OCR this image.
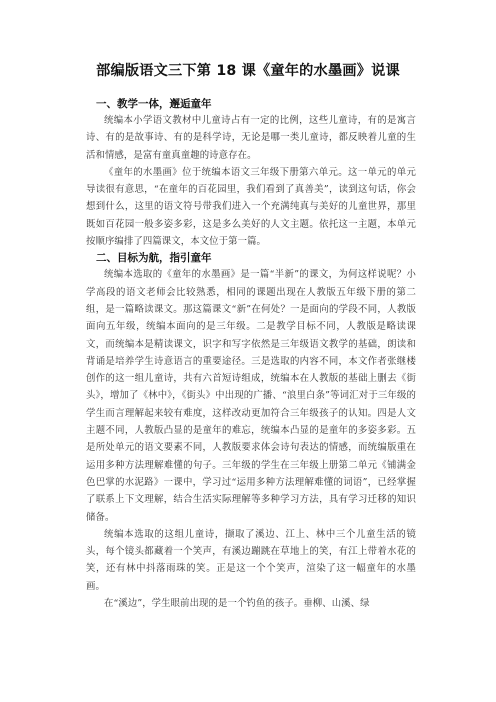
部编版语文三下第 18 课《童年的水墨画》说课

一、教学一体，邂逅童年

统编本小学语文教材中儿童诗占有一定的比例，这些儿童诗，有的是寓言诗、有的是故事诗、有的是科学诗，无论是哪一类儿童诗，都反映着儿童的生活和情感，是富有童真童趣的诗意存在。

《童年的水墨画》位于统编本语文三年级下册第六单元。这一单元的单元导读很有意思，“在童年的百花园里，我们看到了真善美”，读到这句话，你会想到什么，这里的语文符号带我们进入一个充满纯真与美好的儿童世界，那里既如百花园一般多姿多彩，这是多么美好的人文主题。依托这一主题，本单元按顺序编排了四篇课文，本文位于第一篇。

二、目标为航，指引童年

统编本选取的《童年的水墨画》是一篇“半新”的课文，为何这样说呢？小学高段的语文老师会比较熟悉，相同的课题出现在人教版五年级下册的第二组，是一篇略读课文。那这篇课文“新”在何处？一是面向的学段不同，人教版面向五年级，统编本面向的是三年级。二是教学目标不同，人教版是略读课文，而统编本是精读课文，识字和写字依然是三年级语文教学的基础，朗读和背诵是培养学生诗意语言的重要途径。三是选取的内容不同，本文作者张继楼创作的这一组儿童诗，共有六首短诗组成，统编本在人教版的基础上删去《街头》，增加了《林中》，《街头》中出现的广播、“浪里白条”等词汇对于三年级的学生而言理解起来较有难度，这样改动更加符合三年级孩子的认知。四是人文主题不同，人教版凸显的是童年的难忘，统编本凸显的是童年的多姿多彩。五是所处单元的语文要素不同，人教版要求体会诗句表达的情感，而统编版重在运用多种方法理解难懂的句子。三年级的学生在三年级上册第二单元《铺满金色巴掌的水泥路》一课中，学习过“运用多种方法理解难懂的词语”，已经掌握了联系上下文理解，结合生活实际理解等多种学习方法，具有学习迁移的知识储备。

统编本选取的这组儿童诗，撷取了溪边、江上、林中三个儿童生活的镜头，每个镜头都藏着一个笑声，有溪边蹦跳在草地上的笑，有江上带着水花的笑，还有林中抖落雨珠的笑。正是这一个个笑声，渲染了这一幅童年的水墨画。

在“溪边”，学生眼前出现的是一个钓鱼的孩子。垂柳、山溪、绿
